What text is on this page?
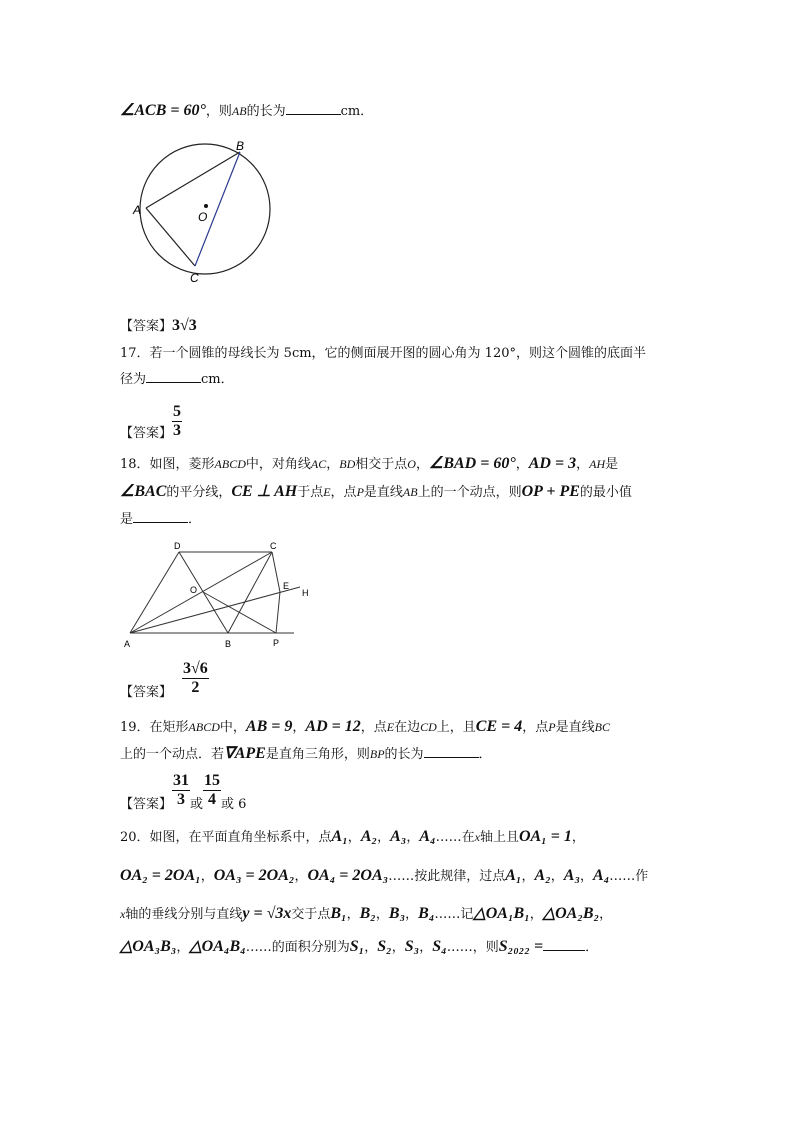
∠ACB = 60°，则AB的长为	cm．
A
B
C
O
【答案】3√3
17．若一个圆锥的母线长为 5cm，它的侧面展开图的圆心角为 120°，则这个圆锥的底面半
径为	cm．
【答案】 $\frac{5}{3}$
18．如图，菱形ABCD中，对角线AC，BD相交于点O，∠BAD = 60°，AD = 3，AH是
∠BAC的平分线，CE ⊥ AH于点E，点P是直线AB上的一个动点，则OP + PE的最小值
是	．
A	B
C
D
O	E
H
P
【答案】 $\frac{3√6}{2}$
19．在矩形ABCD中，AB = 9，AD = 12，点E在边CD上，且CE = 4，点P是直线BC
上的一个动点．若∇APE是直角三角形，则BP的长为	．
【答案】 $\frac{31}{3}$ 或 $\frac{15}{4}$ 或 6
20．如图，在平面直角坐标系中，点A₁，A₂，A₃，A₄……在x轴上且OA₁ = 1，
OA₂ = 2OA₁，OA₃ = 2OA₂，OA₄ = 2OA₃……按此规律，过点A₁，A₂，A₃，A₄……作
x轴的垂线分别与直线y = √3x交于点B₁，B₂，B₃，B₄……记△OA₁B₁，△OA₂B₂，
△OA₃B₃，△OA₄B₄……的面积分别为S₁，S₂，S₃，S₄……，则S₂₀₂₂ =	．
